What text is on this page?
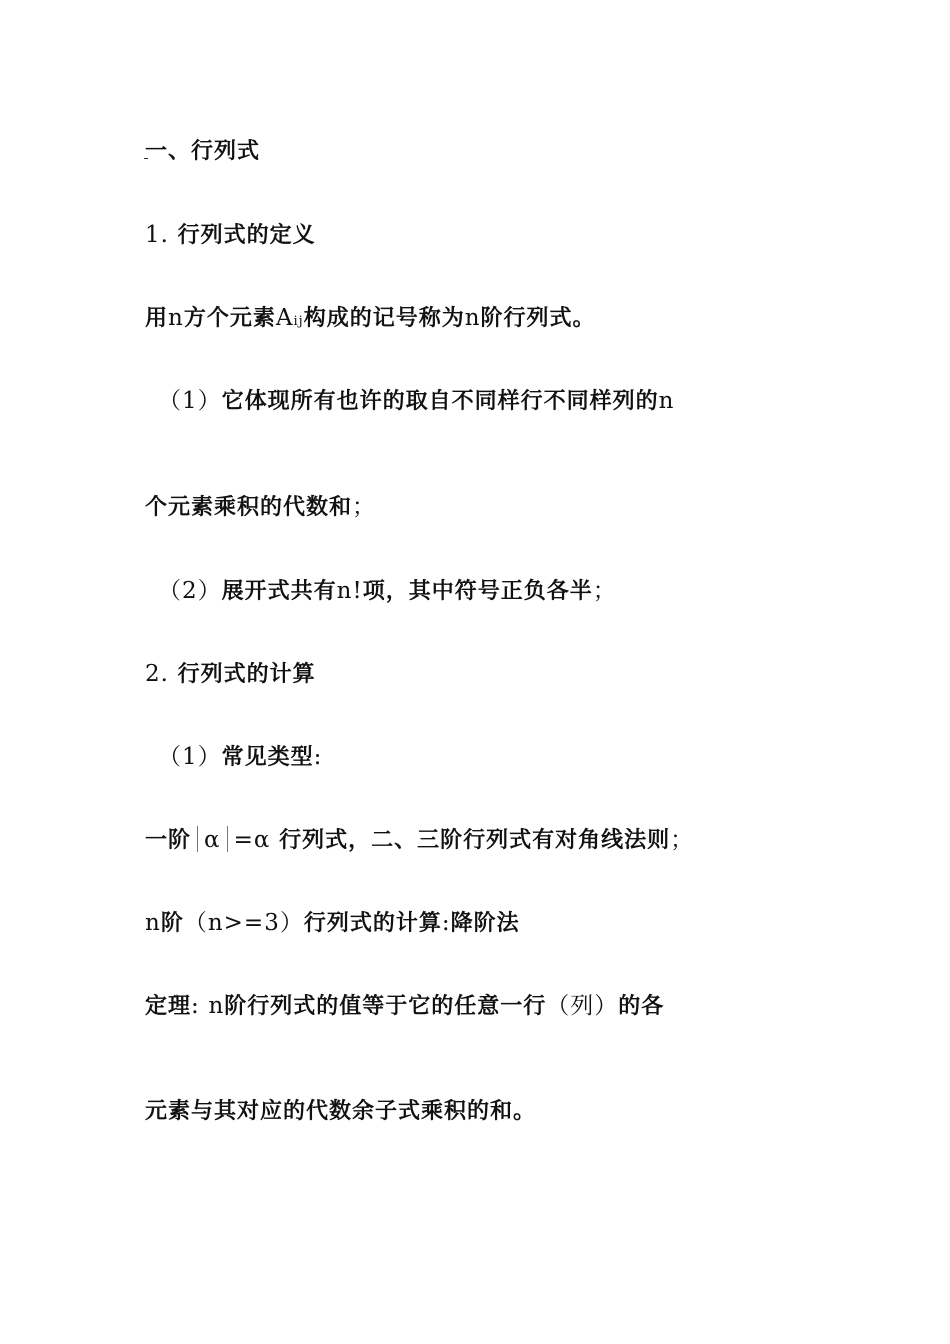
一、行列式

1. 行列式的定义

用n方个元素Aij构成的记号称为n阶行列式。

（1）它体现所有也许的取自不同样行不同样列的n

个元素乘积的代数和；

（2）展开式共有n!项，其中符号正负各半；

2. 行列式的计算

（1）常见类型:

一阶 α =α 行列式，二、三阶行列式有对角线法则；

n阶（n>=3）行列式的计算:降阶法

定理: n阶行列式的值等于它的任意一行（列）的各

元素与其对应的代数余子式乘积的和。
